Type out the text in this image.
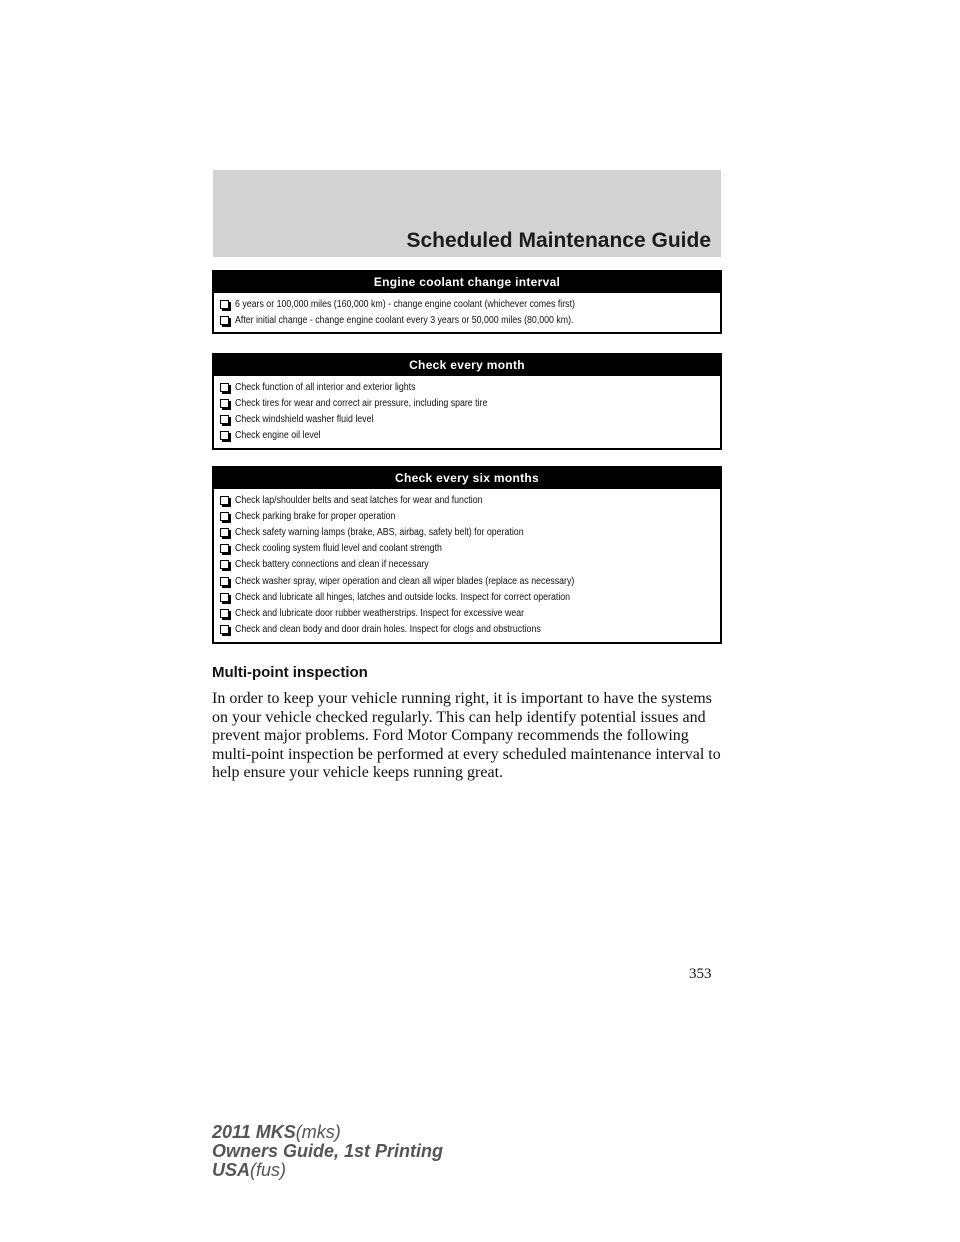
Scheduled Maintenance Guide
Engine coolant change interval
6 years or 100,000 miles (160,000 km) - change engine coolant (whichever comes first)
After initial change - change engine coolant every 3 years or 50,000 miles (80,000 km).
Check every month
Check function of all interior and exterior lights
Check tires for wear and correct air pressure, including spare tire
Check windshield washer fluid level
Check engine oil level
Check every six months
Check lap/shoulder belts and seat latches for wear and function
Check parking brake for proper operation
Check safety warning lamps (brake, ABS, airbag, safety belt) for operation
Check cooling system fluid level and coolant strength
Check battery connections and clean if necessary
Check washer spray, wiper operation and clean all wiper blades (replace as necessary)
Check and lubricate all hinges, latches and outside locks. Inspect for correct operation
Check and lubricate door rubber weatherstrips. Inspect for excessive wear
Check and clean body and door drain holes. Inspect for clogs and obstructions
Multi-point inspection
In order to keep your vehicle running right, it is important to have the systems on your vehicle checked regularly. This can help identify potential issues and prevent major problems. Ford Motor Company recommends the following multi-point inspection be performed at every scheduled maintenance interval to help ensure your vehicle keeps running great.
353
2011 MKS(mks)
Owners Guide, 1st Printing
USA(fus)
